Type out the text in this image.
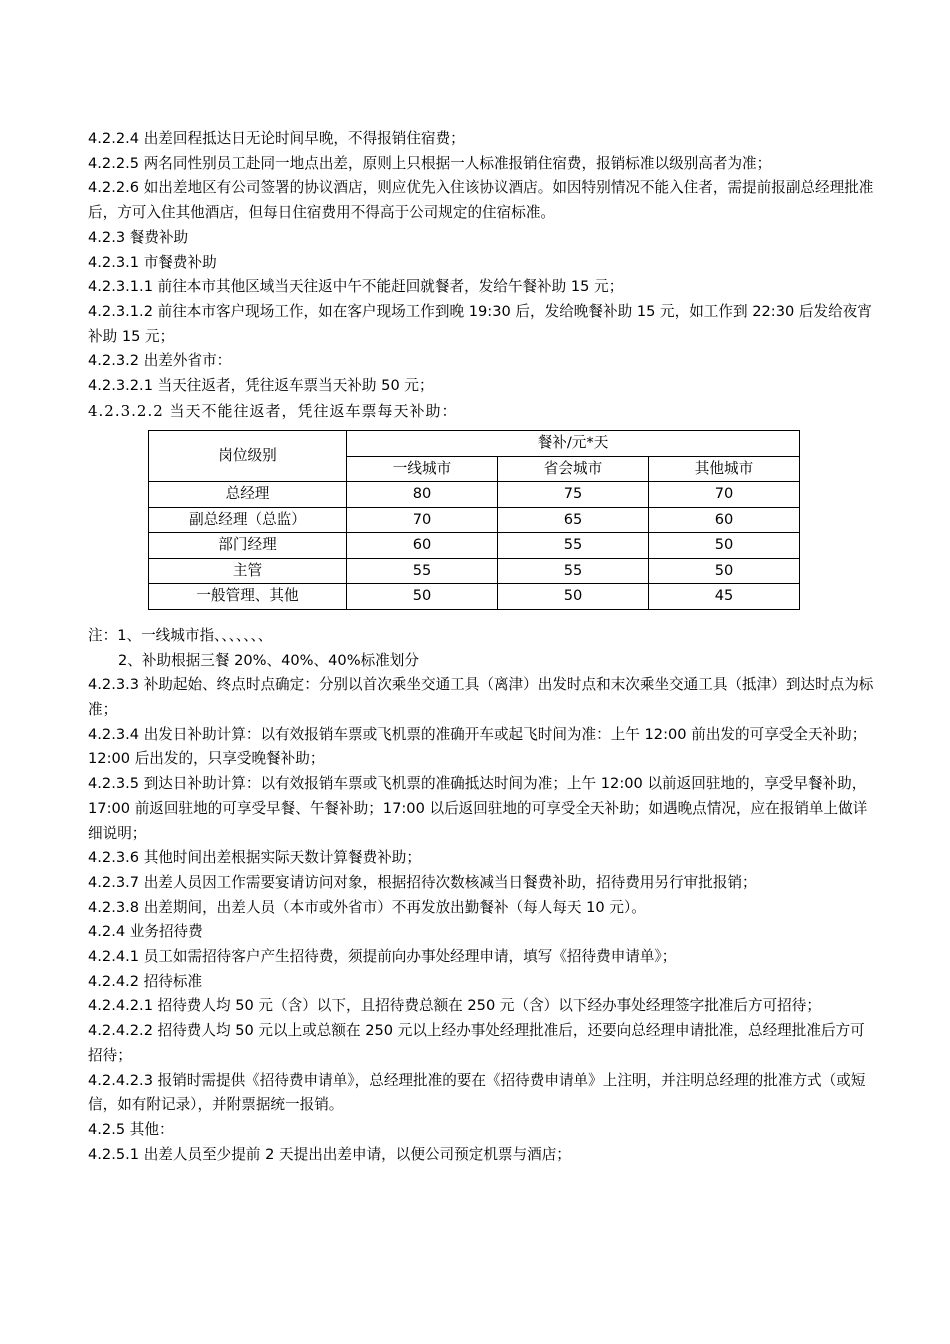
4.2.2.4 出差回程抵达日无论时间早晚，不得报销住宿费；

4.2.2.5 两名同性别员工赴同一地点出差，原则上只根据一人标准报销住宿费，报销标准以级别高者为准；

4.2.2.6 如出差地区有公司签署的协议酒店，则应优先入住该协议酒店。如因特别情况不能入住者，需提前报副总经理批准后，方可入住其他酒店，但每日住宿费用不得高于公司规定的住宿标准。

4.2.3 餐费补助

4.2.3.1 市餐费补助

4.2.3.1.1 前往本市其他区域当天往返中午不能赶回就餐者，发给午餐补助 15 元；

4.2.3.1.2 前往本市客户现场工作，如在客户现场工作到晚 19:30 后，发给晚餐补助 15 元，如工作到 22:30 后发给夜宵补助 15 元；

4.2.3.2 出差外省市：

4.2.3.2.1 当天往返者，凭往返车票当天补助 50 元；

4.2.3.2.2 当天不能往返者，凭往返车票每天补助：

岗位级别	餐补/元*天		
	一线城市	省会城市	其他城市
总经理	80	75	70
副总经理（总监）	70	65	60
部门经理	60	55	50
主管	55	55	50
一般管理、其他	50	50	45

注：1、一线城市指、、、、、、、

2、补助根据三餐 20%、40%、40%标准划分

4.2.3.3 补助起始、终点时点确定：分别以首次乘坐交通工具（离津）出发时点和末次乘坐交通工具（抵津）到达时点为标准；

4.2.3.4 出发日补助计算：以有效报销车票或飞机票的准确开车或起飞时间为准：上午 12:00 前出发的可享受全天补助；12:00 后出发的，只享受晚餐补助；

4.2.3.5 到达日补助计算：以有效报销车票或飞机票的准确抵达时间为准；上午 12:00 以前返回驻地的，享受早餐补助，17:00 前返回驻地的可享受早餐、午餐补助；17:00 以后返回驻地的可享受全天补助；如遇晚点情况，应在报销单上做详细说明；

4.2.3.6 其他时间出差根据实际天数计算餐费补助；

4.2.3.7 出差人员因工作需要宴请访问对象，根据招待次数核减当日餐费补助，招待费用另行审批报销；

4.2.3.8 出差期间，出差人员（本市或外省市）不再发放出勤餐补（每人每天 10 元）。

4.2.4 业务招待费

4.2.4.1 员工如需招待客户产生招待费，须提前向办事处经理申请，填写《招待费申请单》；

4.2.4.2 招待标准

4.2.4.2.1 招待费人均 50 元（含）以下，且招待费总额在 250 元（含）以下经办事处经理签字批准后方可招待；

4.2.4.2.2 招待费人均 50 元以上或总额在 250 元以上经办事处经理批准后，还要向总经理申请批准，总经理批准后方可招待；

4.2.4.2.3 报销时需提供《招待费申请单》，总经理批准的要在《招待费申请单》上注明，并注明总经理的批准方式（或短信，如有附记录），并附票据统一报销。

4.2.5 其他：

4.2.5.1 出差人员至少提前 2 天提出出差申请，以便公司预定机票与酒店；
